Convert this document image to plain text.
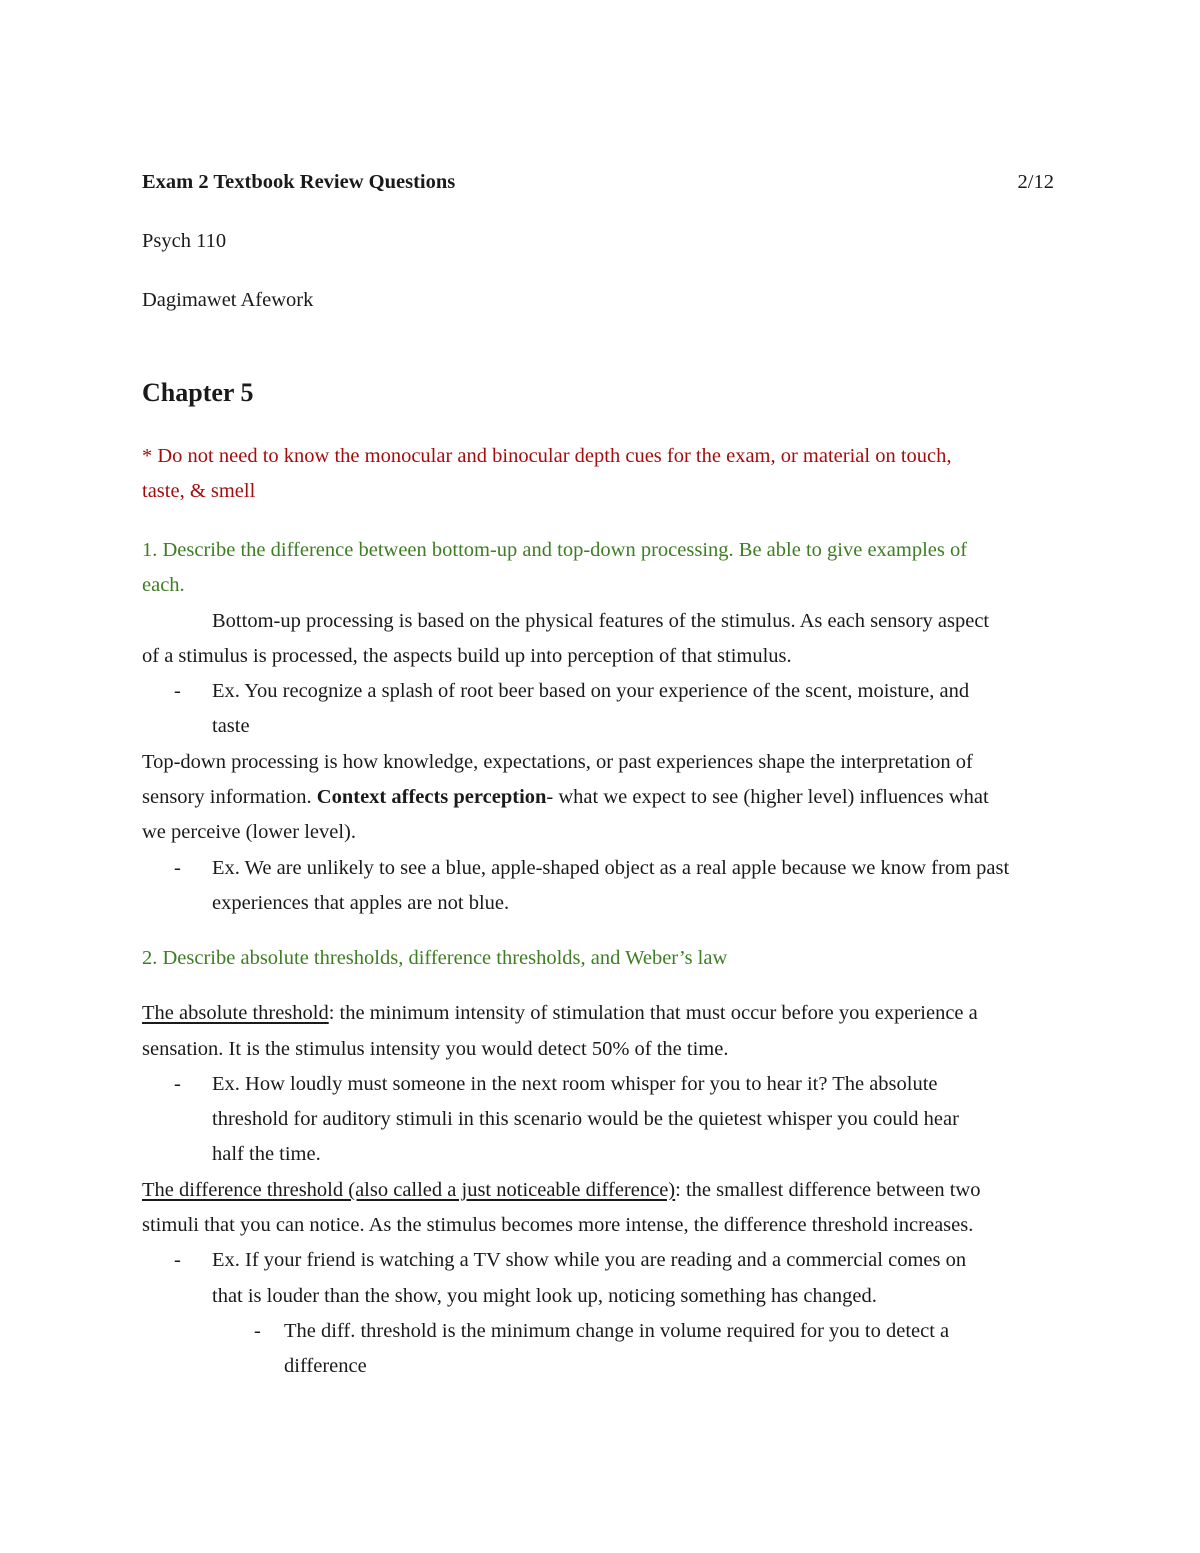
Exam 2 Textbook Review Questions	2/12
Psych 110
Dagimawet Afework
Chapter 5
* Do not need to know the monocular and binocular depth cues for the exam, or material on touch,
taste, & smell
1. Describe the difference between bottom-up and top-down processing. Be able to give examples of
each.
Bottom-up processing is based on the physical features of the stimulus. As each sensory aspect
of a stimulus is processed, the aspects build up into perception of that stimulus.
- Ex. You recognize a splash of root beer based on your experience of the scent, moisture, and
taste
Top-down processing is how knowledge, expectations, or past experiences shape the interpretation of
sensory information. Context affects perception- what we expect to see (higher level) influences what
we perceive (lower level).
- Ex. We are unlikely to see a blue, apple-shaped object as a real apple because we know from past
experiences that apples are not blue.
2. Describe absolute thresholds, difference thresholds, and Weber’s law
The absolute threshold: the minimum intensity of stimulation that must occur before you experience a
sensation. It is the stimulus intensity you would detect 50% of the time.
- Ex. How loudly must someone in the next room whisper for you to hear it? The absolute
threshold for auditory stimuli in this scenario would be the quietest whisper you could hear
half the time.
The difference threshold (also called a just noticeable difference): the smallest difference between two
stimuli that you can notice. As the stimulus becomes more intense, the difference threshold increases.
- Ex. If your friend is watching a TV show while you are reading and a commercial comes on
that is louder than the show, you might look up, noticing something has changed.
- The diff. threshold is the minimum change in volume required for you to detect a
difference
